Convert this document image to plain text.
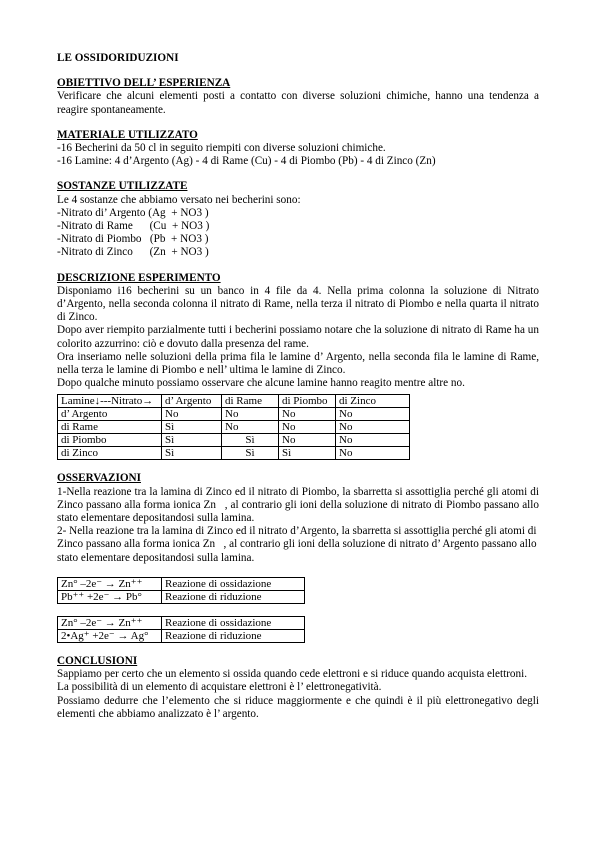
LE OSSIDORIDUZIONI

OBIETTIVO DELL’ ESPERIENZA

Verificare che alcuni elementi posti a contatto con diverse soluzioni chimiche, hanno una tendenza a reagire spontaneamente.

MATERIALE UTILIZZATO

-16 Becherini da 50 cl in seguito riempiti con diverse soluzioni chimiche.

-16 Lamine: 4 d’Argento (Ag) - 4 di Rame (Cu) - 4 di Piombo (Pb) - 4 di Zinco (Zn)

SOSTANZE UTILIZZATE

Le 4 sostanze che abbiamo versato nei becherini sono:

-Nitrato di’ Argento (Ag  + NO3 )

-Nitrato di Rame      (Cu  + NO3 )

-Nitrato di Piombo   (Pb  + NO3 )

-Nitrato di Zinco      (Zn  + NO3 )

DESCRIZIONE ESPERIMENTO

Disponiamo i16 becherini su un banco in 4 file da 4. Nella prima colonna la soluzione di Nitrato d’Argento, nella seconda colonna il nitrato di Rame, nella terza il nitrato di Piombo e nella quarta il nitrato di Zinco.

Dopo aver riempito parzialmente tutti i becherini possiamo notare che la soluzione di nitrato di Rame ha un colorito azzurrino: ciò e dovuto dalla presenza del rame.

Ora inseriamo nelle soluzioni della prima fila le lamine d’ Argento, nella seconda fila le lamine di Rame, nella terza le lamine di Piombo e nell’ ultima le lamine di Zinco.

Dopo qualche minuto possiamo osservare che alcune lamine hanno reagito mentre altre no.

Lamine↓---Nitrato→	d’ Argento	di Rame	di Piombo	di Zinco
d’ Argento	No	No	No	No
di Rame	Sì	No	No	No
di Piombo	Sì	Sì	No	No
di Zinco	Sì	Sì	Sì	No

OSSERVAZIONI

1-Nella reazione tra la lamina di Zinco ed il nitrato di Piombo, la sbarretta si assottiglia perché gli atomi di Zinco passano alla forma ionica Zn   , al contrario gli ioni della soluzione di nitrato di Piombo passano allo stato elementare depositandosi sulla lamina.

2- Nella reazione tra la lamina di Zinco ed il nitrato d’Argento, la sbarretta si assottiglia perché gli atomi di Zinco passano alla forma ionica Zn   , al contrario gli ioni della soluzione di nitrato d’ Argento passano allo stato elementare depositandosi sulla lamina.

Zn° –2e⁻ → Zn⁺⁺	Reazione di ossidazione
Pb⁺⁺ +2e⁻ → Pb°	Reazione di riduzione
Zn° –2e⁻ → Zn⁺⁺	Reazione di ossidazione
2•Ag⁺ +2e⁻ → Ag°	Reazione di riduzione

CONCLUSIONI

Sappiamo per certo che un elemento si ossida quando cede elettroni e si riduce quando acquista elettroni.

La possibilità di un elemento di acquistare elettroni è l’ elettronegatività.

Possiamo dedurre che l’elemento che si riduce maggiormente e che quindi è il più elettronegativo degli elementi che abbiamo analizzato è l’ argento.
